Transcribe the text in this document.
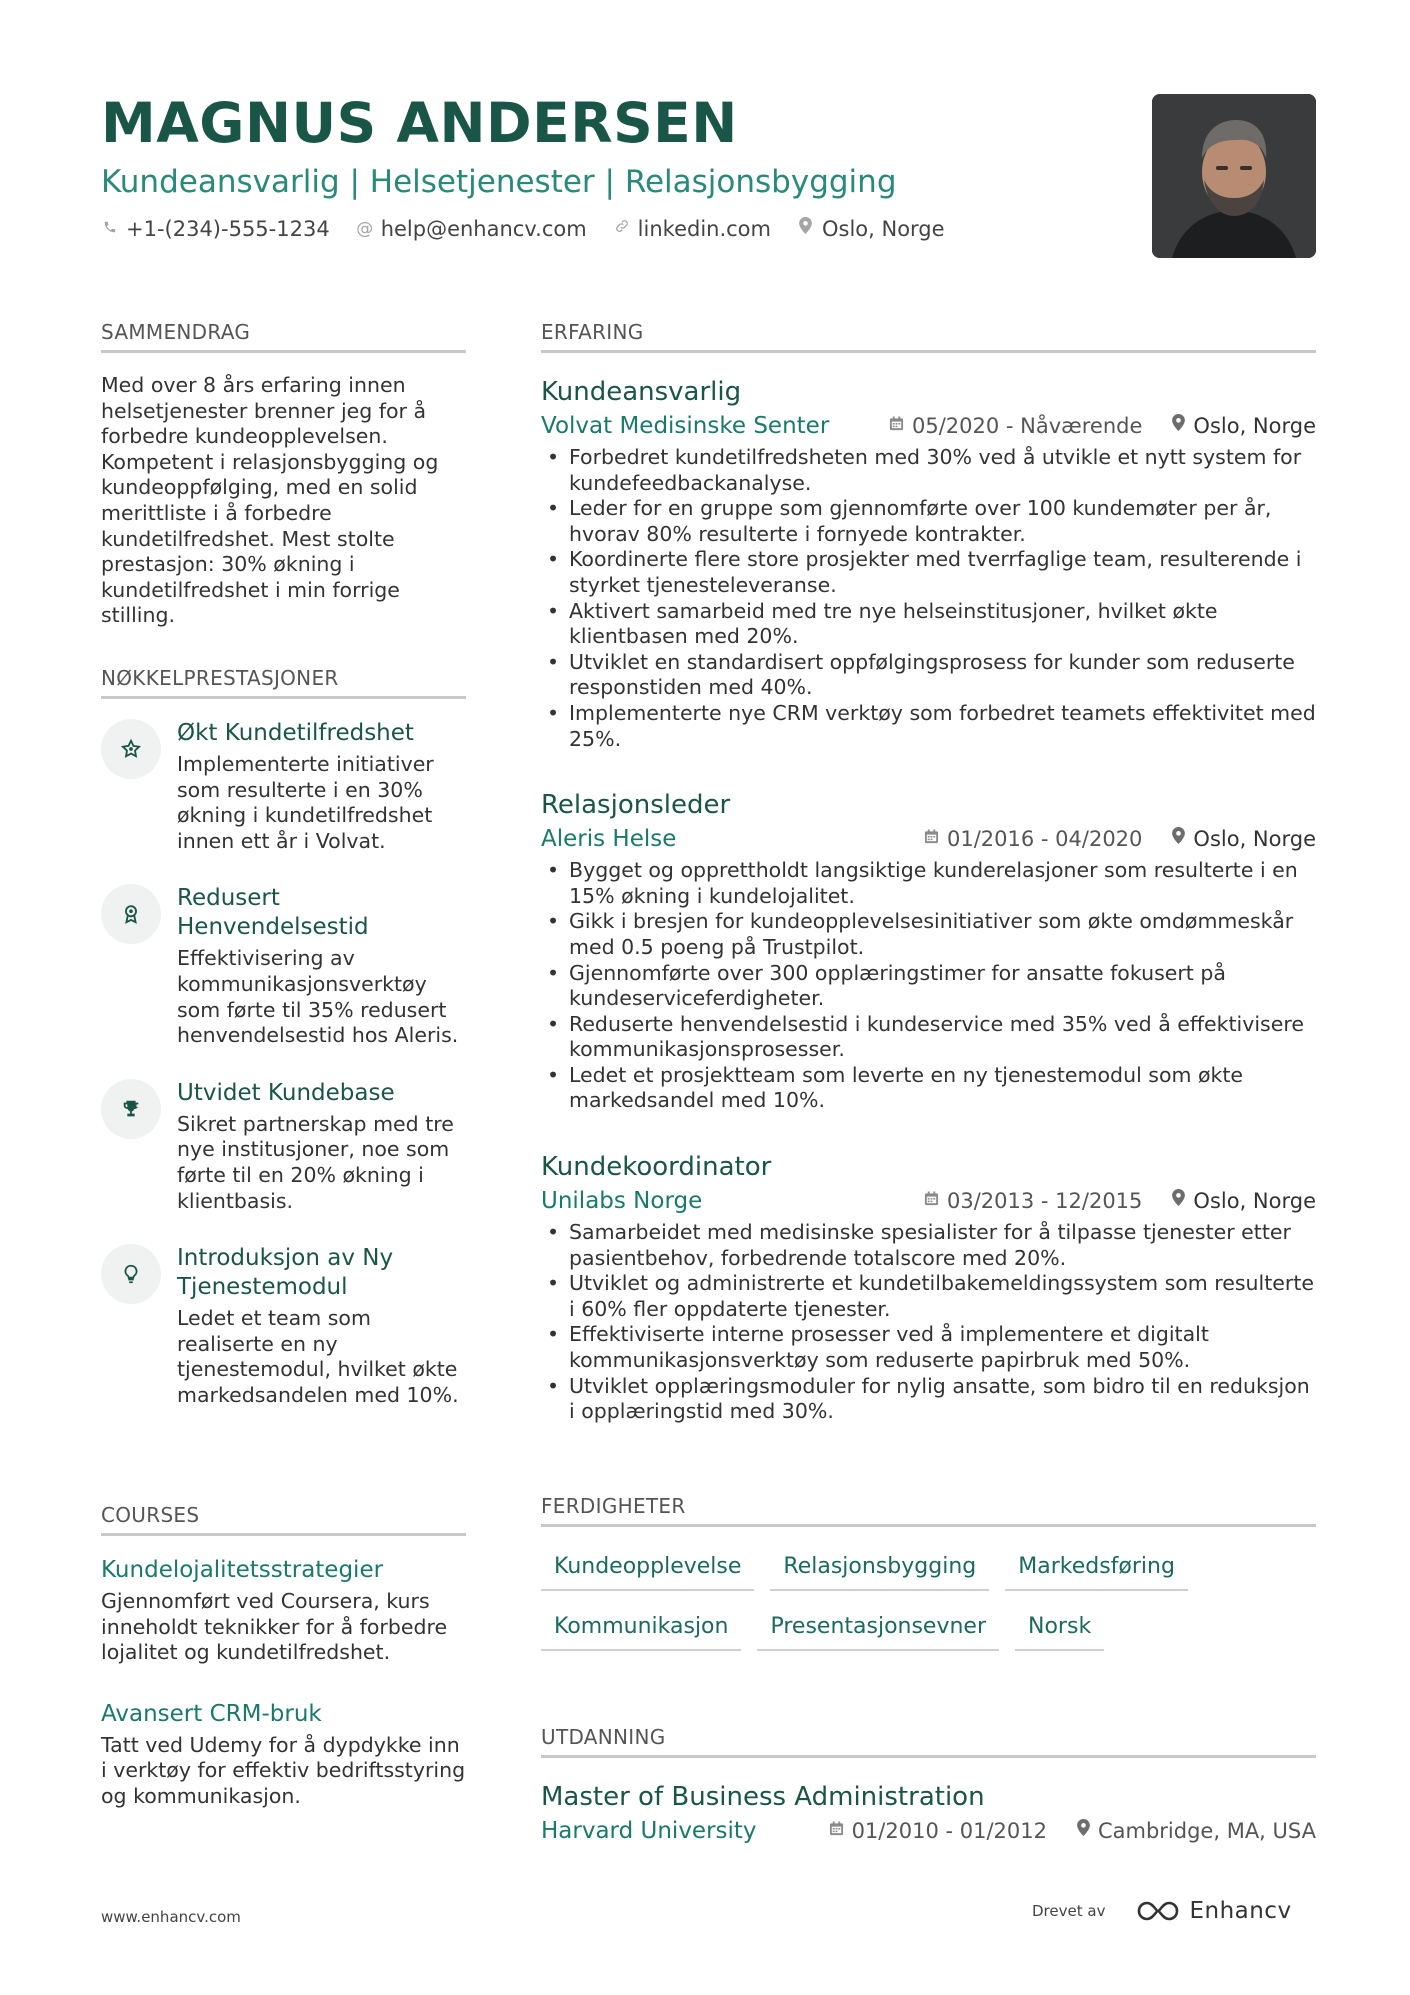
MAGNUS ANDERSEN
Kundeansvarlig | Helsetjenester | Relasjonsbygging
+1-(234)-555-1234 @ help@enhancv.com linkedin.com Oslo, Norge
SAMMENDRAG

Med over 8 års erfaring innen helsetjenester brenner jeg for å forbedre kundeopplevelsen. Kompetent i relasjonsbygging og kundeoppfølging, med en solid merittliste i å forbedre kundetilfredshet. Mest stolte prestasjon: 30% økning i kundetilfredshet i min forrige stilling.

NØKKELPRESTASJONER
Økt Kundetilfredshet
Implementerte initiativer som resulterte i en 30% økning i kundetilfredshet innen ett år i Volvat.
Redusert Henvendelsestid
Effektivisering av kommunikasjonsverktøy som førte til 35% redusert henvendelsestid hos Aleris.
Utvidet Kundebase
Sikret partnerskap med tre nye institusjoner, noe som førte til en 20% økning i klientbasis.
Introduksjon av Ny Tjenestemodul
Ledet et team som realiserte en ny tjenestemodul, hvilket økte markedsandelen med 10%.
COURSES
Kundelojalitetsstrategier
Gjennomført ved Coursera, kurs inneholdt teknikker for å forbedre lojalitet og kundetilfredshet.
Avansert CRM-bruk
Tatt ved Udemy for å dypdykke inn i verktøy for effektiv bedriftsstyring og kommunikasjon.
ERFARING
Kundeansvarlig
Volvat Medisinske Senter	05/2020 - Nåværende Oslo, Norge
• Forbedret kundetilfredsheten med 30% ved å utvikle et nytt system for kundefeedbackanalyse.
• Leder for en gruppe som gjennomførte over 100 kundemøter per år, hvorav 80% resulterte i fornyede kontrakter.
• Koordinerte flere store prosjekter med tverrfaglige team, resulterende i styrket tjenesteleveranse.
• Aktivert samarbeid med tre nye helseinstitusjoner, hvilket økte klientbasen med 20%.
• Utviklet en standardisert oppfølgingsprosess for kunder som reduserte responstiden med 40%.
• Implementerte nye CRM verktøy som forbedret teamets effektivitet med 25%.
Relasjonsleder
Aleris Helse	01/2016 - 04/2020 Oslo, Norge
• Bygget og opprettholdt langsiktige kunderelasjoner som resulterte i en 15% økning i kundelojalitet.
• Gikk i bresjen for kundeopplevelsesinitiativer som økte omdømmeskår med 0.5 poeng på Trustpilot.
• Gjennomførte over 300 opplæringstimer for ansatte fokusert på kundeserviceferdigheter.
• Reduserte henvendelsestid i kundeservice med 35% ved å effektivisere kommunikasjonsprosesser.
• Ledet et prosjektteam som leverte en ny tjenestemodul som økte markedsandel med 10%.
Kundekoordinator
Unilabs Norge	03/2013 - 12/2015 Oslo, Norge
• Samarbeidet med medisinske spesialister for å tilpasse tjenester etter pasientbehov, forbedrende totalscore med 20%.
• Utviklet og administrerte et kundetilbakemeldingssystem som resulterte i 60% fler oppdaterte tjenester.
• Effektiviserte interne prosesser ved å implementere et digitalt kommunikasjonsverktøy som reduserte papirbruk med 50%.
• Utviklet opplæringsmoduler for nylig ansatte, som bidro til en reduksjon i opplæringstid med 30%.
FERDIGHETER
Kundeopplevelse	Relasjonsbygging	Markedsføring
Kommunikasjon	Presentasjonsevner	Norsk
UTDANNING
Master of Business Administration
Harvard University	01/2010 - 01/2012 Cambridge, MA, USA
www.enhancv.com	Drevet av	Enhancv
